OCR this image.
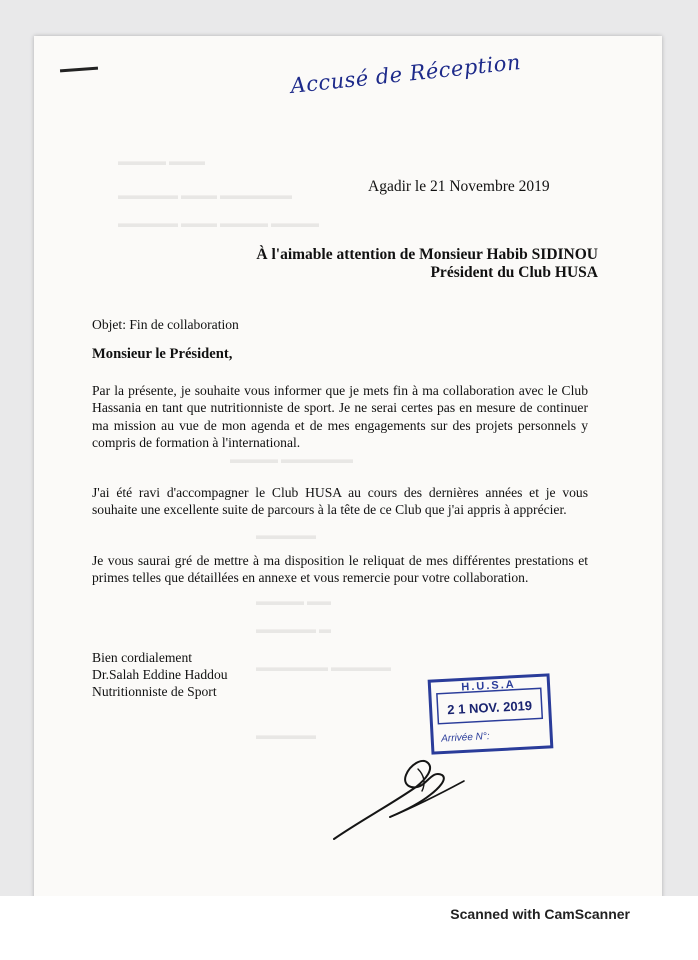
▬▬▬▬ ▬▬▬
▬▬▬▬▬ ▬▬▬ ▬▬▬▬▬▬
▬▬▬▬▬ ▬▬▬ ▬▬▬▬ ▬▬▬▬
▬▬▬▬ ▬▬▬▬▬▬
▬▬▬▬▬
▬▬▬▬ ▬▬
▬▬▬▬▬ ▬
▬▬▬▬▬▬ ▬▬▬▬▬
▬▬▬▬▬
Accusé de Réception
Agadir le 21 Novembre 2019
À l'aimable attention de Monsieur Habib SIDINOU
Président du Club HUSA
Objet: Fin de collaboration
Monsieur le Président,
Par la présente, je souhaite vous informer que je mets fin à ma collaboration avec le Club Hassania en tant que nutritionniste de sport. Je ne serai certes pas en mesure de continuer ma mission au vue de mon agenda et de mes engagements sur des projets personnels y compris de formation à l'international.
J'ai été ravi d'accompagner le Club HUSA au cours des dernières années et je vous souhaite une excellente suite de parcours à la tête de ce Club que j'ai appris à apprécier.
Je vous saurai gré de mettre à ma disposition le reliquat de mes différentes prestations et primes telles que détaillées en annexe et vous remercie pour votre collaboration.
Bien cordialement
Dr.Salah Eddine Haddou
Nutritionniste de Sport	H.U.S.A
2 1 NOV. 2019
Arrivée N°:
Scanned with CamScanner
